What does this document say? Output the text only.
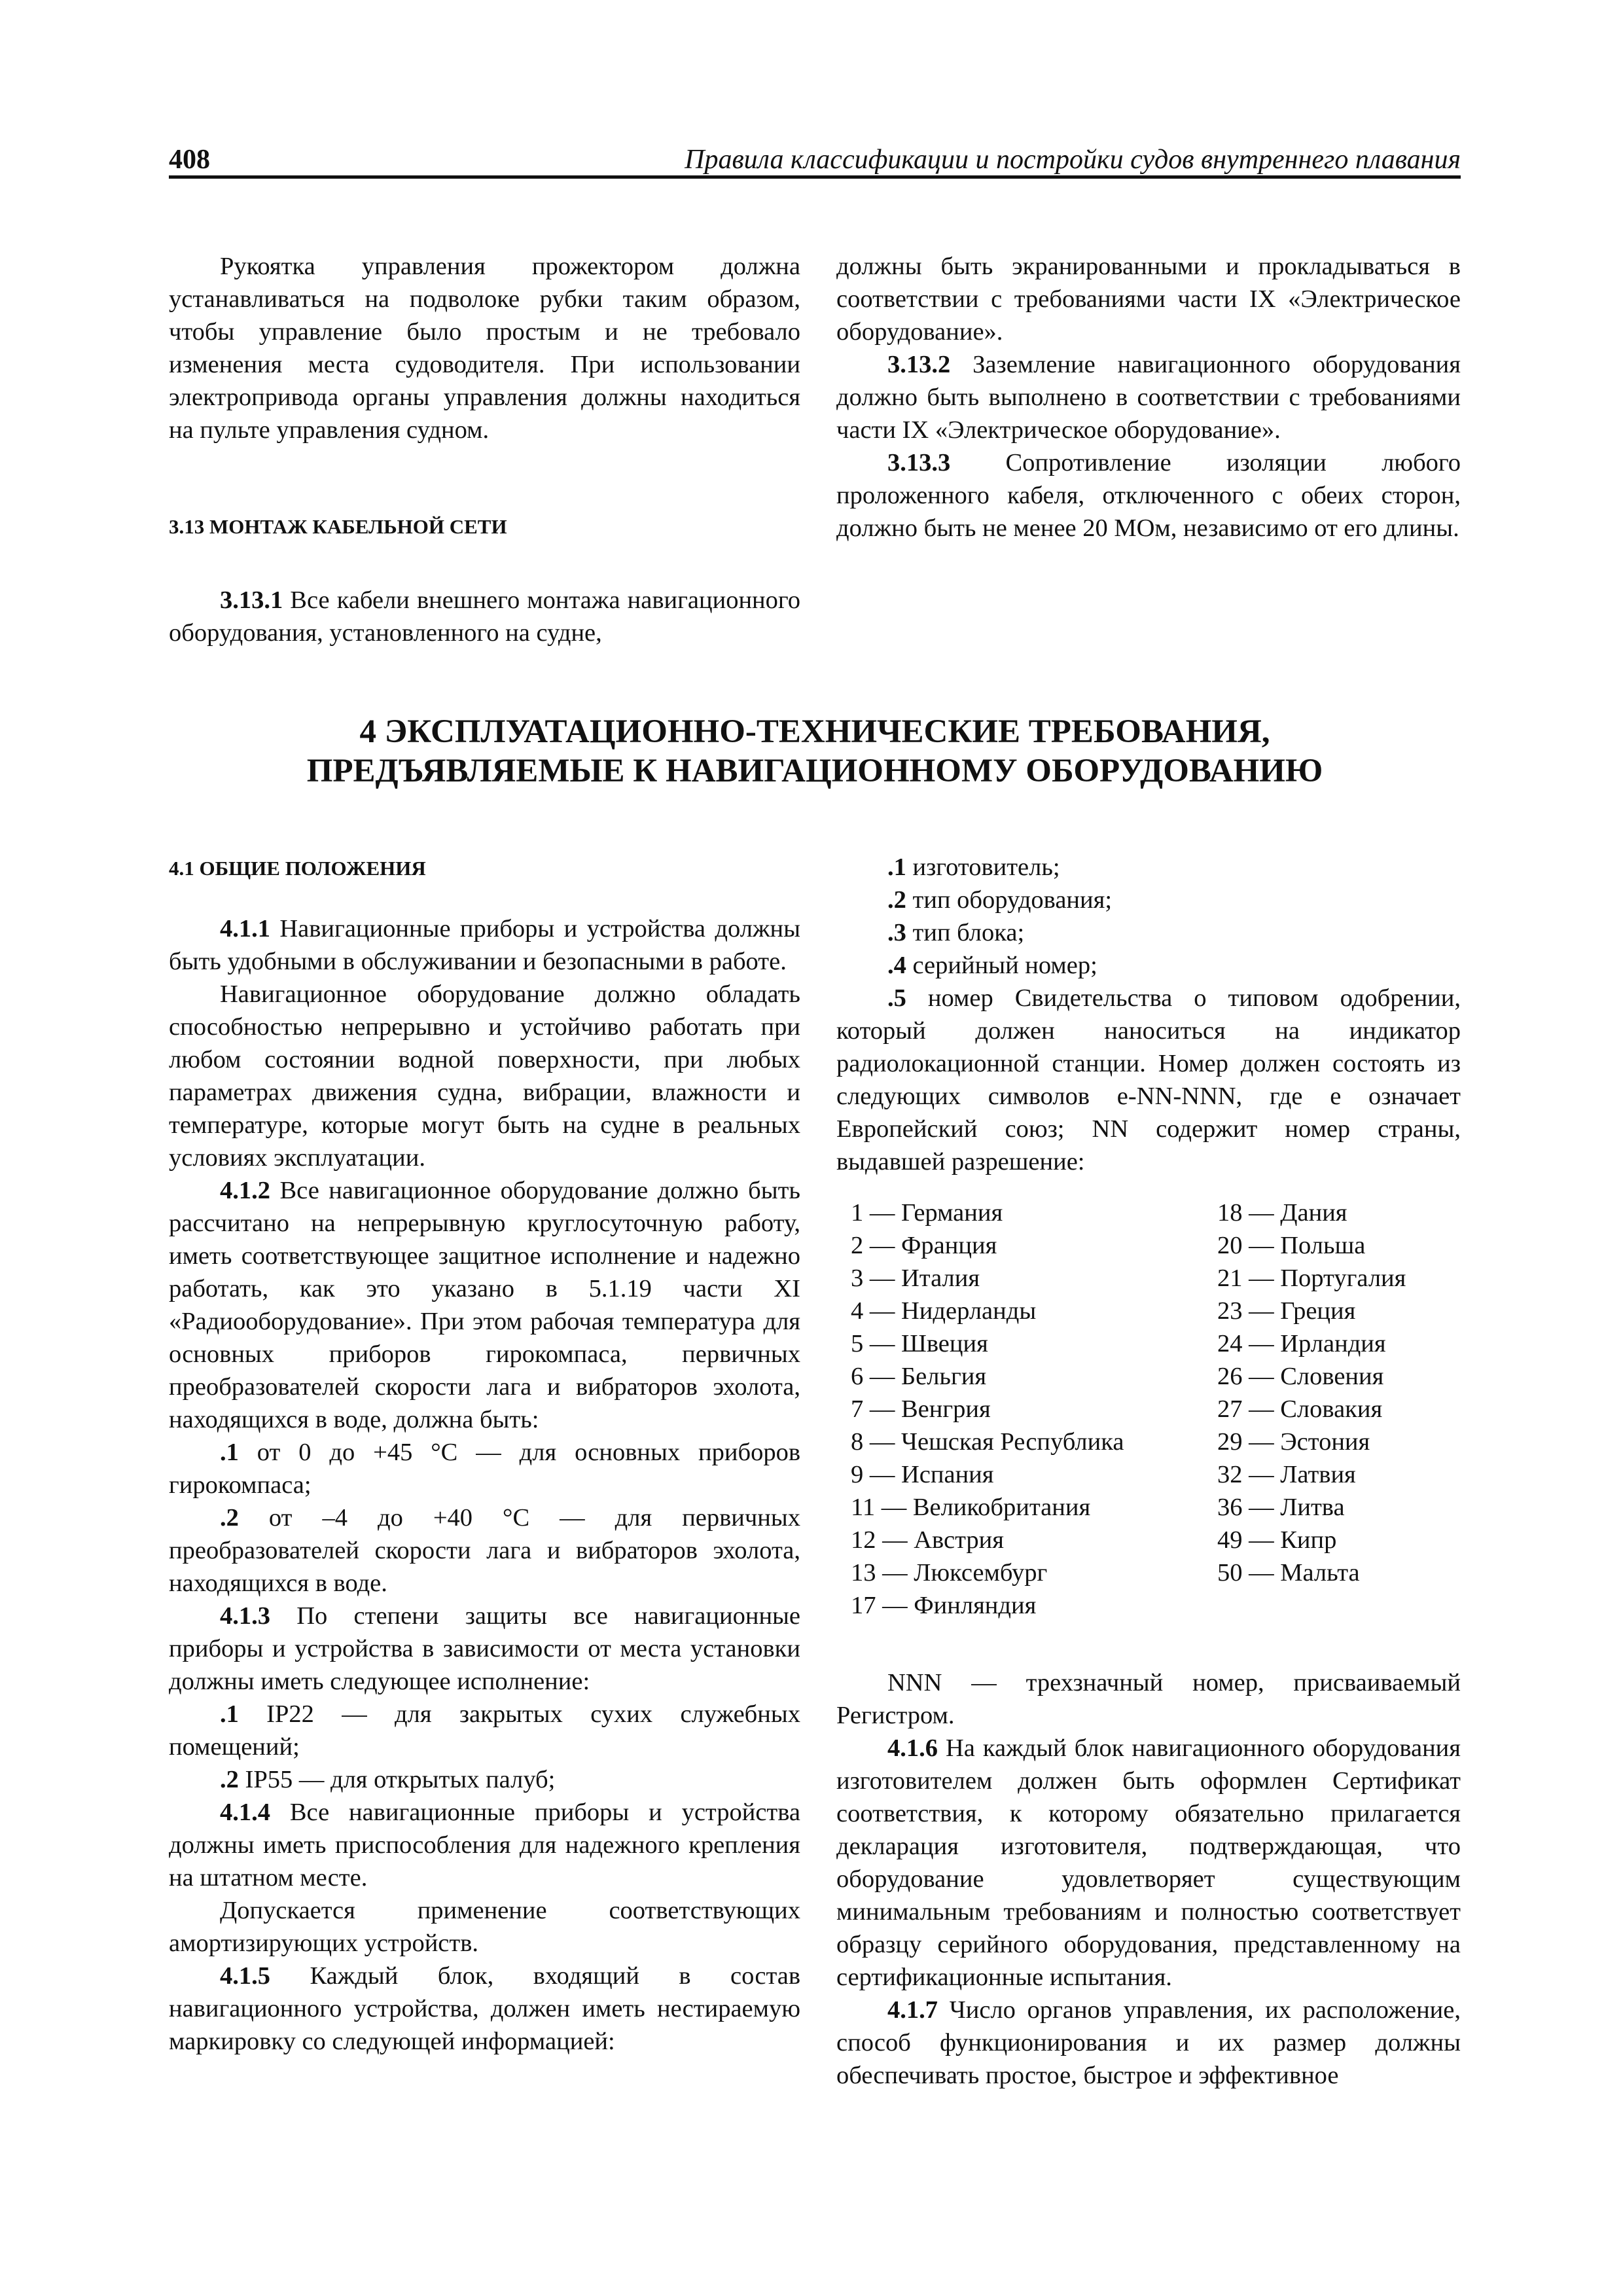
408	Правила классификации и постройки судов внутреннего плавания

Рукоятка управления прожектором должна устанавливаться на подволоке рубки таким образом, чтобы управление было простым и не требовало изменения места судоводителя. При использовании электропривода органы управления должны находиться на пульте управления судном.

3.13 МОНТАЖ КАБЕЛЬНОЙ СЕТИ

3.13.1 Все кабели внешнего монтажа навигационного оборудования, установленного на судне,

должны быть экранированными и прокладываться в соответствии с требованиями части IX «Электрическое оборудование».

3.13.2 Заземление навигационного оборудования должно быть выполнено в соответствии с требованиями части IX «Электрическое оборудование».

3.13.3 Сопротивление изоляции любого проложенного кабеля, отключенного с обеих сторон, должно быть не менее 20 МОм, независимо от его длины.

4 ЭКСПЛУАТАЦИОННО-ТЕХНИЧЕСКИЕ ТРЕБОВАНИЯ,
ПРЕДЪЯВЛЯЕМЫЕ К НАВИГАЦИОННОМУ ОБОРУДОВАНИЮ

4.1 ОБЩИЕ ПОЛОЖЕНИЯ

4.1.1 Навигационные приборы и устройства должны быть удобными в обслуживании и безопасными в работе.

Навигационное оборудование должно обладать способностью непрерывно и устойчиво работать при любом состоянии водной поверхности, при любых параметрах движения судна, вибрации, влажности и температуре, которые могут быть на судне в реальных условиях эксплуатации.

4.1.2 Все навигационное оборудование должно быть рассчитано на непрерывную круглосуточную работу, иметь соответствующее защитное исполнение и надежно работать, как это указано в 5.1.19 части XI «Радиооборудование». При этом рабочая температура для основных приборов гирокомпаса, первичных преобразователей скорости лага и вибраторов эхолота, находящихся в воде, должна быть:

.1 от 0 до +45 °С — для основных приборов гирокомпаса;

.2 от –4 до +40 °С — для первичных преобразователей скорости лага и вибраторов эхолота, находящихся в воде.

4.1.3 По степени защиты все навигационные приборы и устройства в зависимости от места установки должны иметь следующее исполнение:

.1 IP22 — для закрытых сухих служебных помещений;

.2 IP55 — для открытых палуб;

4.1.4 Все навигационные приборы и устройства должны иметь приспособления для надежного крепления на штатном месте.

Допускается применение соответствующих амортизирующих устройств.

4.1.5 Каждый блок, входящий в состав навигационного устройства, должен иметь нестираемую маркировку со следующей информацией:

.1 изготовитель;

.2 тип оборудования;

.3 тип блока;

.4 серийный номер;

.5 номер Свидетельства о типовом одобрении, который должен наноситься на индикатор радиолокационной станции. Номер должен состоять из следующих символов e-NN-NNN, где е означает Европейский союз; NN содержит номер страны, выдавшей разрешение:

1 — Германия
2 — Франция
3 — Италия
4 — Нидерланды
5 — Швеция
6 — Бельгия
7 — Венгрия
8 — Чешская Республика
9 — Испания
11 — Великобритания
12 — Австрия
13 — Люксембург
17 — Финляндия
18 — Дания
20 — Польша
21 — Португалия
23 — Греция
24 — Ирландия
26 — Словения
27 — Словакия
29 — Эстония
32 — Латвия
36 — Литва
49 — Кипр
50 — Мальта

NNN — трехзначный номер, присваиваемый Регистром.

4.1.6 На каждый блок навигационного оборудования изготовителем должен быть оформлен Сертификат соответствия, к которому обязательно прилагается декларация изготовителя, подтверждающая, что оборудование удовлетворяет существующим минимальным требованиям и полностью соответствует образцу серийного оборудования, представленному на сертификационные испытания.

4.1.7 Число органов управления, их расположение, способ функционирования и их размер должны обеспечивать простое, быстрое и эффективное
